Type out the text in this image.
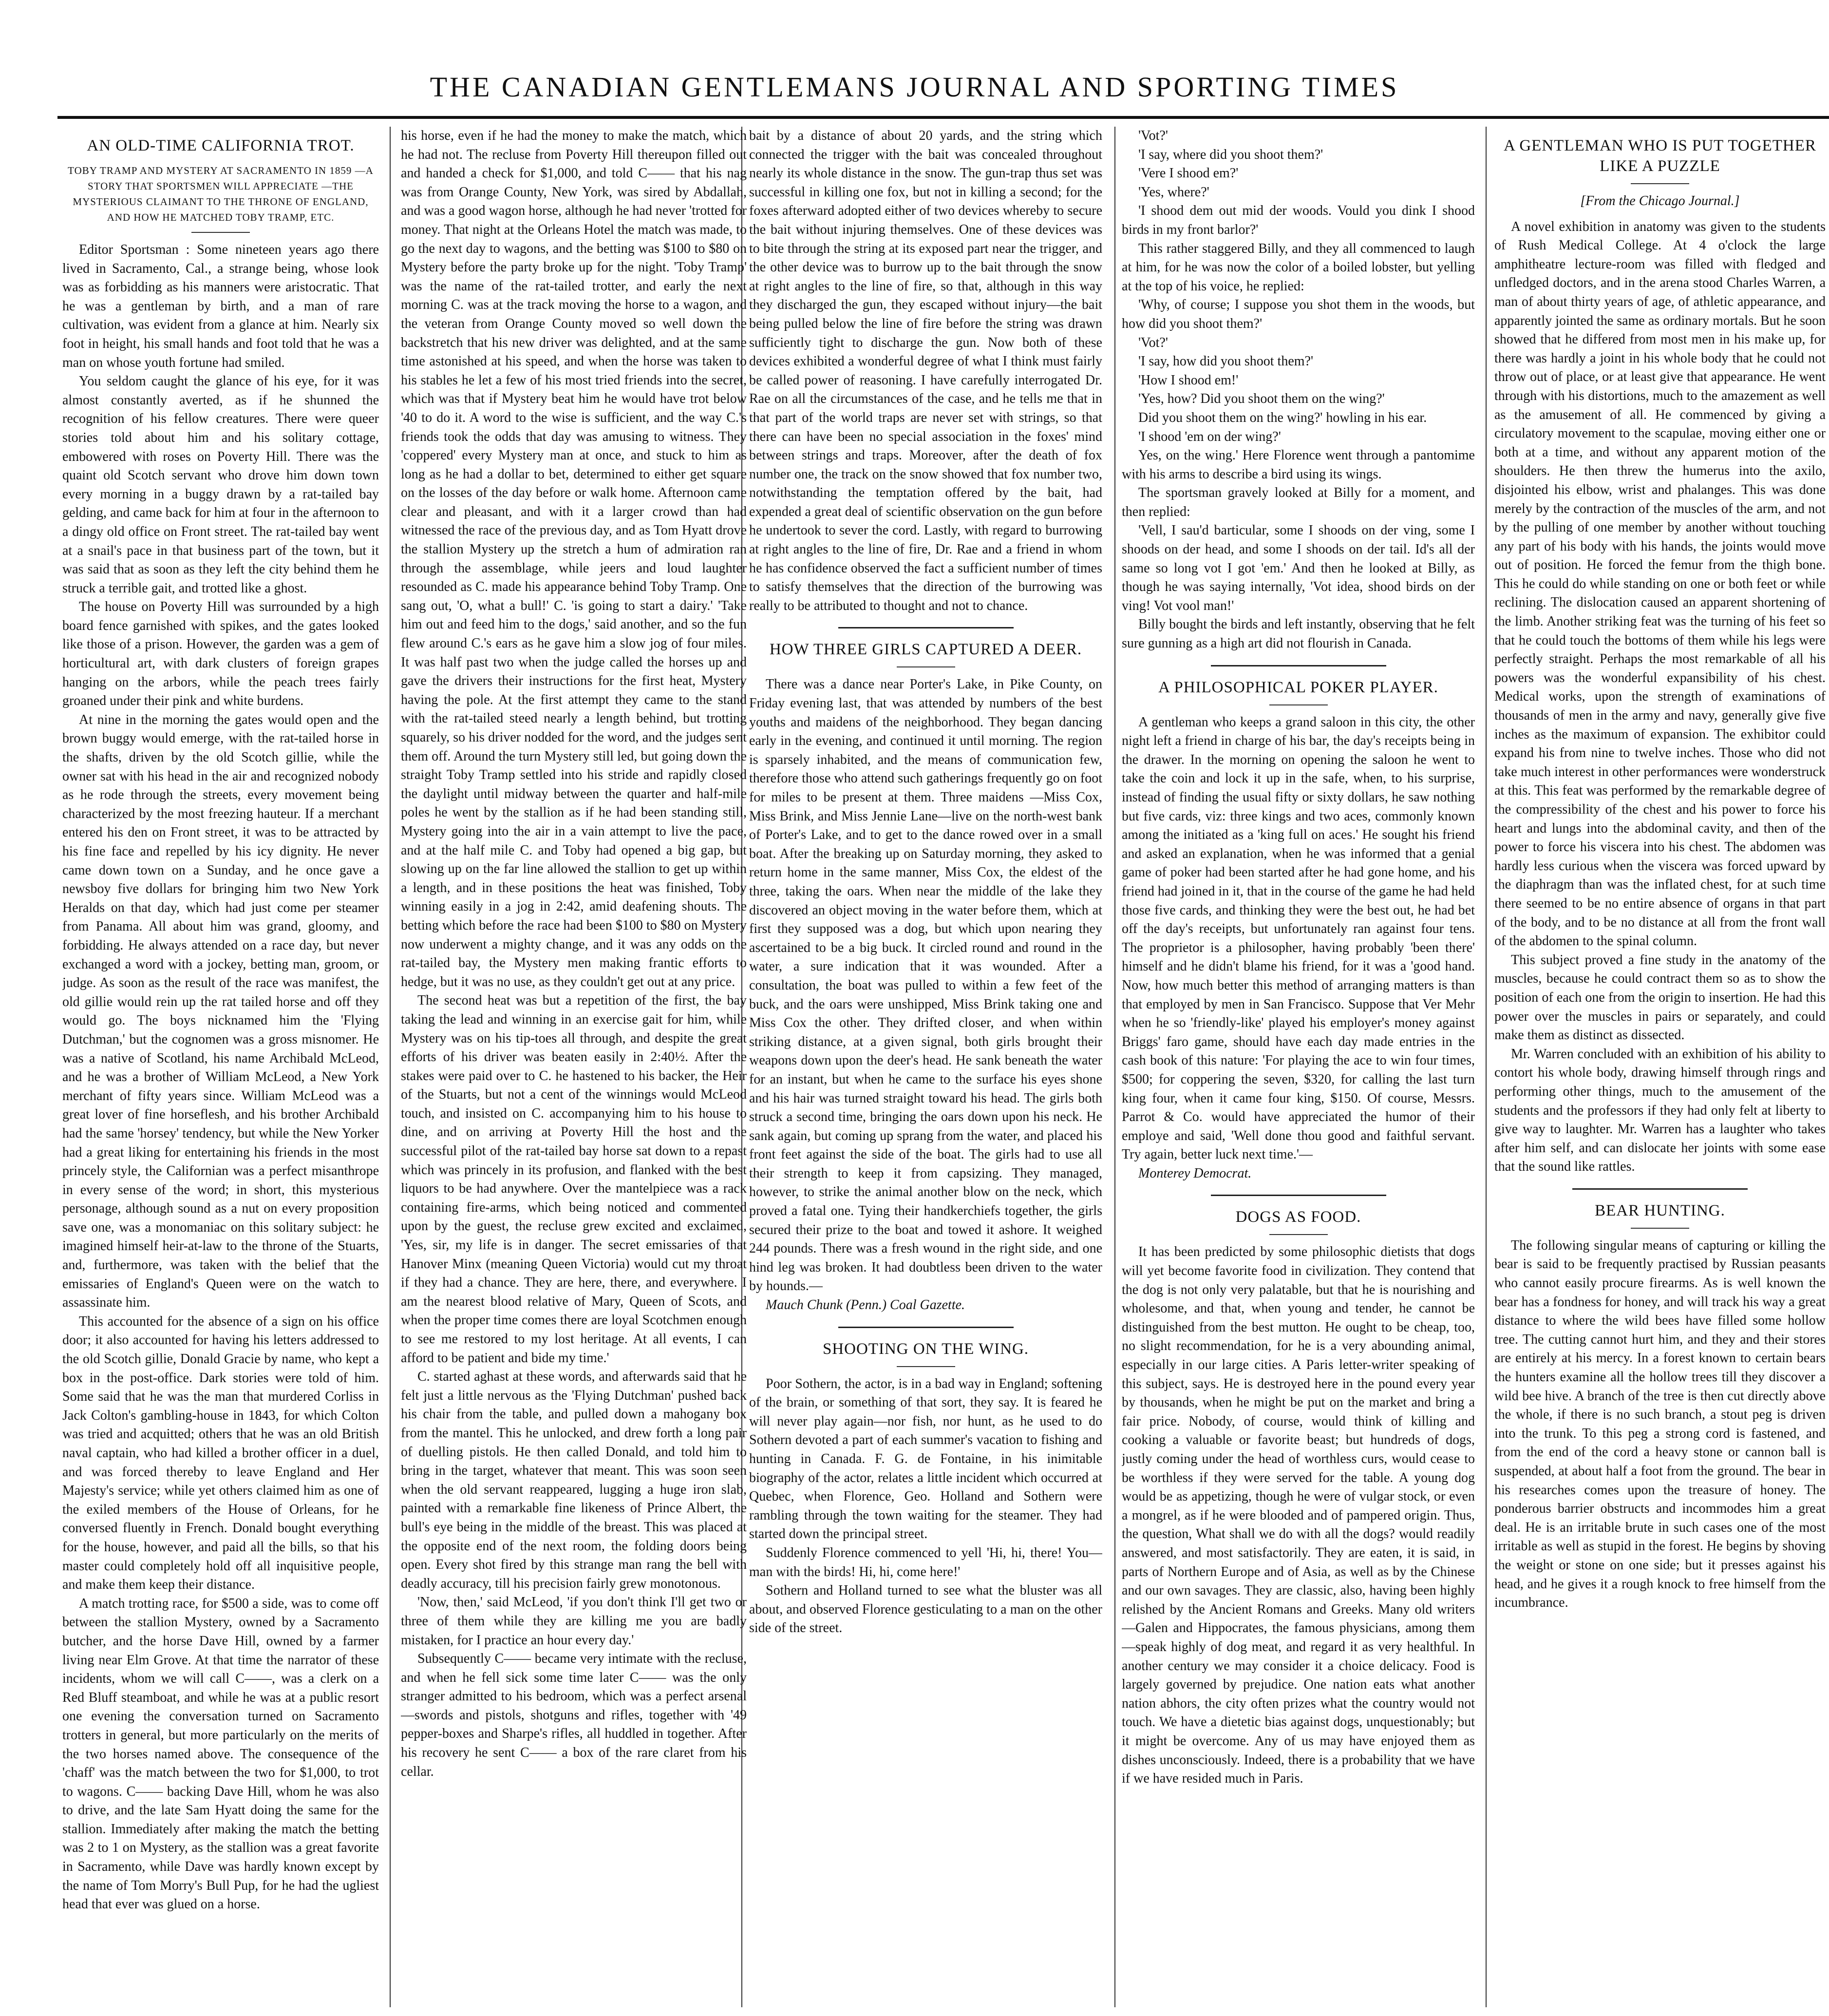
THE CANADIAN GENTLEMANS JOURNAL AND SPORTING TIMES
AN OLD-TIME CALIFORNIA TROT.
TOBY TRAMP AND MYSTERY AT SACRAMENTO IN 1859 —A STORY THAT SPORTSMEN WILL APPRECIATE —THE MYSTERIOUS CLAIMANT TO THE THRONE OF ENGLAND, AND HOW HE MATCHED TOBY TRAMP, ETC.

Editor Sportsman : Some nineteen years ago there lived in Sacramento, Cal., a strange being, whose look was as forbidding as his manners were aristocratic. That he was a gentleman by birth, and a man of rare cultivation, was evident from a glance at him. Nearly six foot in height, his small hands and foot told that he was a man on whose youth fortune had smiled.

You seldom caught the glance of his eye, for it was almost constantly averted, as if he shunned the recognition of his fellow creatures. There were queer stories told about him and his solitary cottage, embowered with roses on Poverty Hill. There was the quaint old Scotch servant who drove him down town every morning in a buggy drawn by a rat-tailed bay gelding, and came back for him at four in the afternoon to a dingy old office on Front street. The rat-tailed bay went at a snail's pace in that business part of the town, but it was said that as soon as they left the city behind them he struck a terrible gait, and trotted like a ghost.

The house on Poverty Hill was surrounded by a high board fence garnished with spikes, and the gates looked like those of a prison. However, the garden was a gem of horticultural art, with dark clusters of foreign grapes hanging on the arbors, while the peach trees fairly groaned under their pink and white burdens.

At nine in the morning the gates would open and the brown buggy would emerge, with the rat-tailed horse in the shafts, driven by the old Scotch gillie, while the owner sat with his head in the air and recognized nobody as he rode through the streets, every movement being characterized by the most freezing hauteur. If a merchant entered his den on Front street, it was to be attracted by his fine face and repelled by his icy dignity. He never came down town on a Sunday, and he once gave a newsboy five dollars for bringing him two New York Heralds on that day, which had just come per steamer from Panama. All about him was grand, gloomy, and forbidding. He always attended on a race day, but never exchanged a word with a jockey, betting man, groom, or judge. As soon as the result of the race was manifest, the old gillie would rein up the rat tailed horse and off they would go. The boys nicknamed him the 'Flying Dutchman,' but the cognomen was a gross misnomer. He was a native of Scotland, his name Archibald McLeod, and he was a brother of William McLeod, a New York merchant of fifty years since. William McLeod was a great lover of fine horseflesh, and his brother Archibald had the same 'horsey' tendency, but while the New Yorker had a great liking for entertaining his friends in the most princely style, the Californian was a perfect misanthrope in every sense of the word; in short, this mysterious personage, although sound as a nut on every proposition save one, was a monomaniac on this solitary subject: he imagined himself heir-at-law to the throne of the Stuarts, and, furthermore, was taken with the belief that the emissaries of England's Queen were on the watch to assassinate him.

This accounted for the absence of a sign on his office door; it also accounted for having his letters addressed to the old Scotch gillie, Donald Gracie by name, who kept a box in the post-office. Dark stories were told of him. Some said that he was the man that murdered Corliss in Jack Colton's gambling-house in 1843, for which Colton was tried and acquitted; others that he was an old British naval captain, who had killed a brother officer in a duel, and was forced thereby to leave England and Her Majesty's service; while yet others claimed him as one of the exiled members of the House of Orleans, for he conversed fluently in French. Donald bought everything for the house, however, and paid all the bills, so that his master could completely hold off all inquisitive people, and make them keep their distance.

A match trotting race, for $500 a side, was to come off between the stallion Mystery, owned by a Sacramento butcher, and the horse Dave Hill, owned by a farmer living near Elm Grove. At that time the narrator of these incidents, whom we will call C——, was a clerk on a Red Bluff steamboat, and while he was at a public resort one evening the conversation turned on Sacramento trotters in general, but more particularly on the merits of the two horses named above. The consequence of the 'chaff' was the match between the two for $1,000, to trot to wagons. C—— backing Dave Hill, whom he was also to drive, and the late Sam Hyatt doing the same for the stallion. Immediately after making the match the betting was 2 to 1 on Mystery, as the stallion was a great favorite in Sacramento, while Dave was hardly known except by the name of Tom Morry's Bull Pup, for he had the ugliest head that ever was glued on a horse.

his horse, even if he had the money to make the match, which he had not. The recluse from Poverty Hill thereupon filled out and handed a check for $1,000, and told C—— that his nag was from Orange County, New York, was sired by Abdallah, and was a good wagon horse, although he had never 'trotted for money. That night at the Orleans Hotel the match was made, to go the next day to wagons, and the betting was $100 to $80 on Mystery before the party broke up for the night. 'Toby Tramp' was the name of the rat-tailed trotter, and early the next morning C. was at the track moving the horse to a wagon, and the veteran from Orange County moved so well down the backstretch that his new driver was delighted, and at the same time astonished at his speed, and when the horse was taken to his stables he let a few of his most tried friends into the secret, which was that if Mystery beat him he would have trot below '40 to do it. A word to the wise is sufficient, and the way C.'s friends took the odds that day was amusing to witness. They 'coppered' every Mystery man at once, and stuck to him as long as he had a dollar to bet, determined to either get square on the losses of the day before or walk home. Afternoon came clear and pleasant, and with it a larger crowd than had witnessed the race of the previous day, and as Tom Hyatt drove the stallion Mystery up the stretch a hum of admiration ran through the assemblage, while jeers and loud laughter resounded as C. made his appearance behind Toby Tramp. One sang out, 'O, what a bull!' C. 'is going to start a dairy.' 'Take him out and feed him to the dogs,' said another, and so the fun flew around C.'s ears as he gave him a slow jog of four miles. It was half past two when the judge called the horses up and gave the drivers their instructions for the first heat, Mystery having the pole. At the first attempt they came to the stand with the rat-tailed steed nearly a length behind, but trotting squarely, so his driver nodded for the word, and the judges sent them off. Around the turn Mystery still led, but going down the straight Toby Tramp settled into his stride and rapidly closed the daylight until midway between the quarter and half-mile poles he went by the stallion as if he had been standing still, Mystery going into the air in a vain attempt to live the pace, and at the half mile C. and Toby had opened a big gap, but slowing up on the far line allowed the stallion to get up within a length, and in these positions the heat was finished, Toby winning easily in a jog in 2:42, amid deafening shouts. The betting which before the race had been $100 to $80 on Mystery now underwent a mighty change, and it was any odds on the rat-tailed bay, the Mystery men making frantic efforts to hedge, but it was no use, as they couldn't get out at any price.

The second heat was but a repetition of the first, the bay taking the lead and winning in an exercise gait for him, while Mystery was on his tip-toes all through, and despite the great efforts of his driver was beaten easily in 2:40½. After the stakes were paid over to C. he hastened to his backer, the Heir of the Stuarts, but not a cent of the winnings would McLeod touch, and insisted on C. accompanying him to his house to dine, and on arriving at Poverty Hill the host and the successful pilot of the rat-tailed bay horse sat down to a repast which was princely in its profusion, and flanked with the best liquors to be had anywhere. Over the mantelpiece was a rack containing fire-arms, which being noticed and commented upon by the guest, the recluse grew excited and exclaimed, 'Yes, sir, my life is in danger. The secret emissaries of that Hanover Minx (meaning Queen Victoria) would cut my throat if they had a chance. They are here, there, and everywhere. I am the nearest blood relative of Mary, Queen of Scots, and when the proper time comes there are loyal Scotchmen enough to see me restored to my lost heritage. At all events, I can afford to be patient and bide my time.'

C. started aghast at these words, and afterwards said that he felt just a little nervous as the 'Flying Dutchman' pushed back his chair from the table, and pulled down a mahogany box from the mantel. This he unlocked, and drew forth a long pair of duelling pistols. He then called Donald, and told him to bring in the target, whatever that meant. This was soon seen when the old servant reappeared, lugging a huge iron slab, painted with a remarkable fine likeness of Prince Albert, the bull's eye being in the middle of the breast. This was placed at the opposite end of the next room, the folding doors being open. Every shot fired by this strange man rang the bell with deadly accuracy, till his precision fairly grew monotonous.

'Now, then,' said McLeod, 'if you don't think I'll get two or three of them while they are killing me you are badly mistaken, for I practice an hour every day.'

Subsequently C—— became very intimate with the recluse, and when he fell sick some time later C—— was the only stranger admitted to his bedroom, which was a perfect arsenal—swords and pistols, shotguns and rifles, together with '49 pepper-boxes and Sharpe's rifles, all huddled in together. After his recovery he sent C—— a box of the rare claret from his cellar.

bait by a distance of about 20 yards, and the string which connected the trigger with the bait was concealed throughout nearly its whole distance in the snow. The gun-trap thus set was successful in killing one fox, but not in killing a second; for the foxes afterward adopted either of two devices whereby to secure the bait without injuring themselves. One of these devices was to bite through the string at its exposed part near the trigger, and the other device was to burrow up to the bait through the snow at right angles to the line of fire, so that, although in this way they discharged the gun, they escaped without injury—the bait being pulled below the line of fire before the string was drawn sufficiently tight to discharge the gun. Now both of these devices exhibited a wonderful degree of what I think must fairly be called power of reasoning. I have carefully interrogated Dr. Rae on all the circumstances of the case, and he tells me that in that part of the world traps are never set with strings, so that there can have been no special association in the foxes' mind between strings and traps. Moreover, after the death of fox number one, the track on the snow showed that fox number two, notwithstanding the temptation offered by the bait, had expended a great deal of scientific observation on the gun before he undertook to sever the cord. Lastly, with regard to burrowing at right angles to the line of fire, Dr. Rae and a friend in whom he has confidence observed the fact a sufficient number of times to satisfy themselves that the direction of the burrowing was really to be attributed to thought and not to chance.

HOW THREE GIRLS CAPTURED A DEER.

There was a dance near Porter's Lake, in Pike County, on Friday evening last, that was attended by numbers of the best youths and maidens of the neighborhood. They began dancing early in the evening, and continued it until morning. The region is sparsely inhabited, and the means of communication few, therefore those who attend such gatherings frequently go on foot for miles to be present at them. Three maidens —Miss Cox, Miss Brink, and Miss Jennie Lane—live on the north-west bank of Porter's Lake, and to get to the dance rowed over in a small boat. After the breaking up on Saturday morning, they asked to return home in the same manner, Miss Cox, the eldest of the three, taking the oars. When near the middle of the lake they discovered an object moving in the water before them, which at first they supposed was a dog, but which upon nearing they ascertained to be a big buck. It circled round and round in the water, a sure indication that it was wounded. After a consultation, the boat was pulled to within a few feet of the buck, and the oars were unshipped, Miss Brink taking one and Miss Cox the other. They drifted closer, and when within striking distance, at a given signal, both girls brought their weapons down upon the deer's head. He sank beneath the water for an instant, but when he came to the surface his eyes shone and his hair was turned straight toward his head. The girls both struck a second time, bringing the oars down upon his neck. He sank again, but coming up sprang from the water, and placed his front feet against the side of the boat. The girls had to use all their strength to keep it from capsizing. They managed, however, to strike the animal another blow on the neck, which proved a fatal one. Tying their handkerchiefs together, the girls secured their prize to the boat and towed it ashore. It weighed 244 pounds. There was a fresh wound in the right side, and one hind leg was broken. It had doubtless been driven to the water by hounds.—

Mauch Chunk (Penn.) Coal Gazette.

SHOOTING ON THE WING.

Poor Sothern, the actor, is in a bad way in England; softening of the brain, or something of that sort, they say. It is feared he will never play again—nor fish, nor hunt, as he used to do Sothern devoted a part of each summer's vacation to fishing and hunting in Canada. F. G. de Fontaine, in his inimitable biography of the actor, relates a little incident which occurred at Quebec, when Florence, Geo. Holland and Sothern were rambling through the town waiting for the steamer. They had started down the principal street.

Suddenly Florence commenced to yell 'Hi, hi, there! You—man with the birds! Hi, hi, come here!'

Sothern and Holland turned to see what the bluster was all about, and observed Florence gesticulating to a man on the other side of the street.

'Vot?'

'I say, where did you shoot them?'

'Vere I shood em?'

'Yes, where?'

'I shood dem out mid der woods. Vould you dink I shood birds in my front barlor?'

This rather staggered Billy, and they all commenced to laugh at him, for he was now the color of a boiled lobster, but yelling at the top of his voice, he replied:

'Why, of course; I suppose you shot them in the woods, but how did you shoot them?'

'Vot?'

'I say, how did you shoot them?'

'How I shood em!'

'Yes, how? Did you shoot them on the wing?'

Did you shoot them on the wing?' howling in his ear.

'I shood 'em on der wing?'

Yes, on the wing.' Here Florence went through a pantomime with his arms to describe a bird using its wings.

The sportsman gravely looked at Billy for a moment, and then replied:

'Vell, I sau'd barticular, some I shoods on der ving, some I shoods on der head, and some I shoods on der tail. Id's all der same so long vot I got 'em.' And then he looked at Billy, as though he was saying internally, 'Vot idea, shood birds on der ving! Vot vool man!'

Billy bought the birds and left instantly, observing that he felt sure gunning as a high art did not flourish in Canada.

A PHILOSOPHICAL POKER PLAYER.

A gentleman who keeps a grand saloon in this city, the other night left a friend in charge of his bar, the day's receipts being in the drawer. In the morning on opening the saloon he went to take the coin and lock it up in the safe, when, to his surprise, instead of finding the usual fifty or sixty dollars, he saw nothing but five cards, viz: three kings and two aces, commonly known among the initiated as a 'king full on aces.' He sought his friend and asked an explanation, when he was informed that a genial game of poker had been started after he had gone home, and his friend had joined in it, that in the course of the game he had held those five cards, and thinking they were the best out, he had bet off the day's receipts, but unfortunately ran against four tens. The proprietor is a philosopher, having probably 'been there' himself and he didn't blame his friend, for it was a 'good hand. Now, how much better this method of arranging matters is than that employed by men in San Francisco. Suppose that Ver Mehr when he so 'friendly-like' played his employer's money against Briggs' faro game, should have each day made entries in the cash book of this nature: 'For playing the ace to win four times, $500; for coppering the seven, $320, for calling the last turn king four, when it came four king, $150. Of course, Messrs. Parrot & Co. would have appreciated the humor of their employe and said, 'Well done thou good and faithful servant. Try again, better luck next time.'—

Monterey Democrat.

DOGS AS FOOD.

It has been predicted by some philosophic dietists that dogs will yet become favorite food in civilization. They contend that the dog is not only very palatable, but that he is nourishing and wholesome, and that, when young and tender, he cannot be distinguished from the best mutton. He ought to be cheap, too, no slight recommendation, for he is a very abounding animal, especially in our large cities. A Paris letter-writer speaking of this subject, says. He is destroyed here in the pound every year by thousands, when he might be put on the market and bring a fair price. Nobody, of course, would think of killing and cooking a valuable or favorite beast; but hundreds of dogs, justly coming under the head of worthless curs, would cease to be worthless if they were served for the table. A young dog would be as appetizing, though he were of vulgar stock, or even a mongrel, as if he were blooded and of pampered origin. Thus, the question, What shall we do with all the dogs? would readily answered, and most satisfactorily. They are eaten, it is said, in parts of Northern Europe and of Asia, as well as by the Chinese and our own savages. They are classic, also, having been highly relished by the Ancient Romans and Greeks. Many old writers—Galen and Hippocrates, the famous physicians, among them—speak highly of dog meat, and regard it as very healthful. In another century we may consider it a choice delicacy. Food is largely governed by prejudice. One nation eats what another nation abhors, the city often prizes what the country would not touch. We have a dietetic bias against dogs, unquestionably; but it might be overcome. Any of us may have enjoyed them as dishes unconsciously. Indeed, there is a probability that we have if we have resided much in Paris.

A GENTLEMAN WHO IS PUT TOGETHER LIKE A PUZZLE
[From the Chicago Journal.]

A novel exhibition in anatomy was given to the students of Rush Medical College. At 4 o'clock the large amphitheatre lecture-room was filled with fledged and unfledged doctors, and in the arena stood Charles Warren, a man of about thirty years of age, of athletic appearance, and apparently jointed the same as ordinary mortals. But he soon showed that he differed from most men in his make up, for there was hardly a joint in his whole body that he could not throw out of place, or at least give that appearance. He went through with his distortions, much to the amazement as well as the amusement of all. He commenced by giving a circulatory movement to the scapulae, moving either one or both at a time, and without any apparent motion of the shoulders. He then threw the humerus into the axilo, disjointed his elbow, wrist and phalanges. This was done merely by the contraction of the muscles of the arm, and not by the pulling of one member by another without touching any part of his body with his hands, the joints would move out of position. He forced the femur from the thigh bone. This he could do while standing on one or both feet or while reclining. The dislocation caused an apparent shortening of the limb. Another striking feat was the turning of his feet so that he could touch the bottoms of them while his legs were perfectly straight. Perhaps the most remarkable of all his powers was the wonderful expansibility of his chest. Medical works, upon the strength of examinations of thousands of men in the army and navy, generally give five inches as the maximum of expansion. The exhibitor could expand his from nine to twelve inches. Those who did not take much interest in other performances were wonderstruck at this. This feat was performed by the remarkable degree of the compressibility of the chest and his power to force his heart and lungs into the abdominal cavity, and then of the power to force his viscera into his chest. The abdomen was hardly less curious when the viscera was forced upward by the diaphragm than was the inflated chest, for at such time there seemed to be no entire absence of organs in that part of the body, and to be no distance at all from the front wall of the abdomen to the spinal column.

This subject proved a fine study in the anatomy of the muscles, because he could contract them so as to show the position of each one from the origin to insertion. He had this power over the muscles in pairs or separately, and could make them as distinct as dissected.

Mr. Warren concluded with an exhibition of his ability to contort his whole body, drawing himself through rings and performing other things, much to the amusement of the students and the professors if they had only felt at liberty to give way to laughter. Mr. Warren has a laughter who takes after him self, and can dislocate her joints with some ease that the sound like rattles.

BEAR HUNTING.

The following singular means of capturing or killing the bear is said to be frequently practised by Russian peasants who cannot easily procure firearms. As is well known the bear has a fondness for honey, and will track his way a great distance to where the wild bees have filled some hollow tree. The cutting cannot hurt him, and they and their stores are entirely at his mercy. In a forest known to certain bears the hunters examine all the hollow trees till they discover a wild bee hive. A branch of the tree is then cut directly above the whole, if there is no such branch, a stout peg is driven into the trunk. To this peg a strong cord is fastened, and from the end of the cord a heavy stone or cannon ball is suspended, at about half a foot from the ground. The bear in his researches comes upon the treasure of honey. The ponderous barrier obstructs and incommodes him a great deal. He is an irritable brute in such cases one of the most irritable as well as stupid in the forest. He begins by shoving the weight or stone on one side; but it presses against his head, and he gives it a rough knock to free himself from the incumbrance.
